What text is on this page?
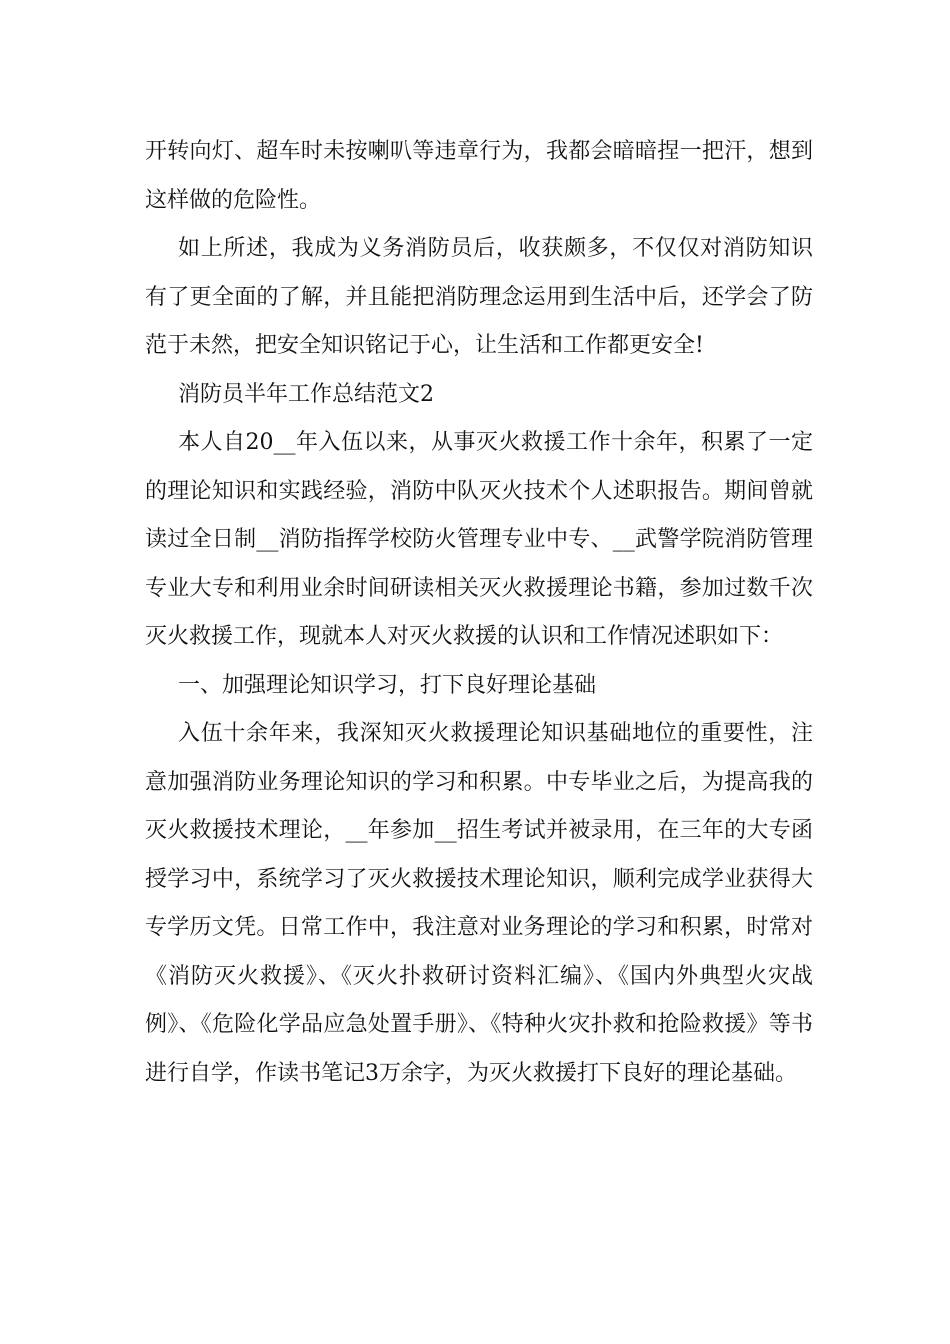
开转向灯、超车时未按喇叭等违章行为，我都会暗暗捏一把汗，想到这样做的危险性。

如上所述，我成为义务消防员后，收获颇多，不仅仅对消防知识有了更全面的了解，并且能把消防理念运用到生活中后，还学会了防范于未然，把安全知识铭记于心，让生活和工作都更安全!

消防员半年工作总结范文2

本人自20__年入伍以来，从事灭火救援工作十余年，积累了一定的理论知识和实践经验，消防中队灭火技术个人述职报告。期间曾就读过全日制__消防指挥学校防火管理专业中专、__武警学院消防管理专业大专和利用业余时间研读相关灭火救援理论书籍，参加过数千次灭火救援工作，现就本人对灭火救援的认识和工作情况述职如下：

一、加强理论知识学习，打下良好理论基础

入伍十余年来，我深知灭火救援理论知识基础地位的重要性，注意加强消防业务理论知识的学习和积累。中专毕业之后，为提高我的灭火救援技术理论，__年参加__招生考试并被录用，在三年的大专函授学习中，系统学习了灭火救援技术理论知识，顺利完成学业获得大专学历文凭。日常工作中，我注意对业务理论的学习和积累，时常对《消防灭火救援》、《灭火扑救研讨资料汇编》、《国内外典型火灾战例》、《危险化学品应急处置手册》、《特种火灾扑救和抢险救援》等书进行自学，作读书笔记3万余字，为灭火救援打下良好的理论基础。
